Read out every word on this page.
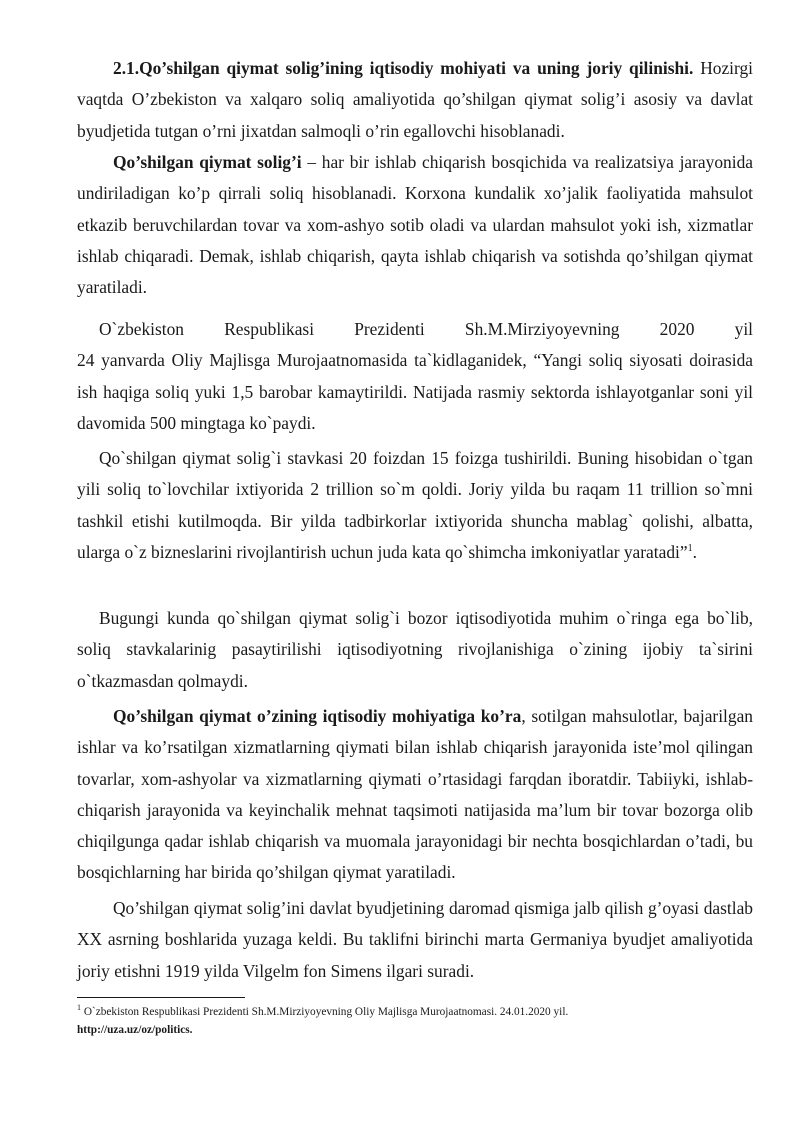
2.1.Qo’shilgan qiymat solig’ining iqtisodiy mohiyati va uning joriy qilinishi. Hozirgi vaqtda O’zbekiston va xalqaro soliq amaliyotida qo’shilgan qiymat solig’i asosiy va davlat byudjetida tutgan o’rni jixatdan salmoqli o’rin egallovchi hisoblanadi.

Qo’shilgan qiymat solig’i – har bir ishlab chiqarish bosqichida va realizatsiya jarayonida undiriladigan ko’p qirrali soliq hisoblanadi. Korxona kundalik xo’jalik faoliyatida mahsulot etkazib beruvchilardan tovar va xom-ashyo sotib oladi va ulardan mahsulot yoki ish, xizmatlar ishlab chiqaradi. Demak, ishlab chiqarish, qayta ishlab chiqarish va sotishda qo’shilgan qiymat yaratiladi.

O`zbekiston Respublikasi Prezidenti Sh.M.Mirziyoyevning 2020 yil
24 yanvarda Oliy Majlisga Murojaatnomasida ta`kidlaganidek, “Yangi soliq siyosati doirasida ish haqiga soliq yuki 1,5 barobar kamaytirildi. Natijada rasmiy sektorda ishlayotganlar soni yil davomida 500 mingtaga ko`paydi.

Qo`shilgan qiymat solig`i stavkasi 20 foizdan 15 foizga tushirildi. Buning hisobidan o`tgan yili soliq to`lovchilar ixtiyorida 2 trillion so`m qoldi. Joriy yilda bu raqam 11 trillion so`mni tashkil etishi kutilmoqda. Bir yilda tadbirkorlar ixtiyorida shuncha mablag` qolishi, albatta, ularga o`z bizneslarini rivojlantirish uchun juda kata qo`shimcha imkoniyatlar yaratadi”$^1$.

Bugungi kunda qo`shilgan qiymat solig`i bozor iqtisodiyotida muhim o`ringa ega bo`lib, soliq stavkalarinig pasaytirilishi iqtisodiyotning rivojlanishiga o`zining ijobiy ta`sirini o`tkazmasdan qolmaydi.

Qo’shilgan qiymat o’zining iqtisodiy mohiyatiga ko’ra, sotilgan mahsulotlar, bajarilgan ishlar va ko’rsatilgan xizmatlarning qiymati bilan ishlab chiqarish jarayonida iste’mol qilingan tovarlar, xom-ashyolar va xizmatlarning qiymati o’rtasidagi farqdan iboratdir. Tabiiyki, ishlab-chiqarish jarayonida va keyinchalik mehnat taqsimoti natijasida ma’lum bir tovar bozorga olib chiqilgunga qadar ishlab chiqarish va muomala jarayonidagi bir nechta bosqichlardan o’tadi, bu bosqichlarning har birida qo’shilgan qiymat yaratiladi.

Qo’shilgan qiymat solig’ini davlat byudjetining daromad qismiga jalb qilish g’oyasi dastlab XX asrning boshlarida yuzaga keldi. Bu taklifni birinchi marta Germaniya byudjet amaliyotida joriy etishni 1919 yilda Vilgelm fon Simens ilgari suradi.

$^1$ O`zbekiston Respublikasi Prezidenti Sh.M.Mirziyoyevning Oliy Majlisga Murojaatnomasi. 24.01.2020 yil.
http://uza.uz/oz/politics.
